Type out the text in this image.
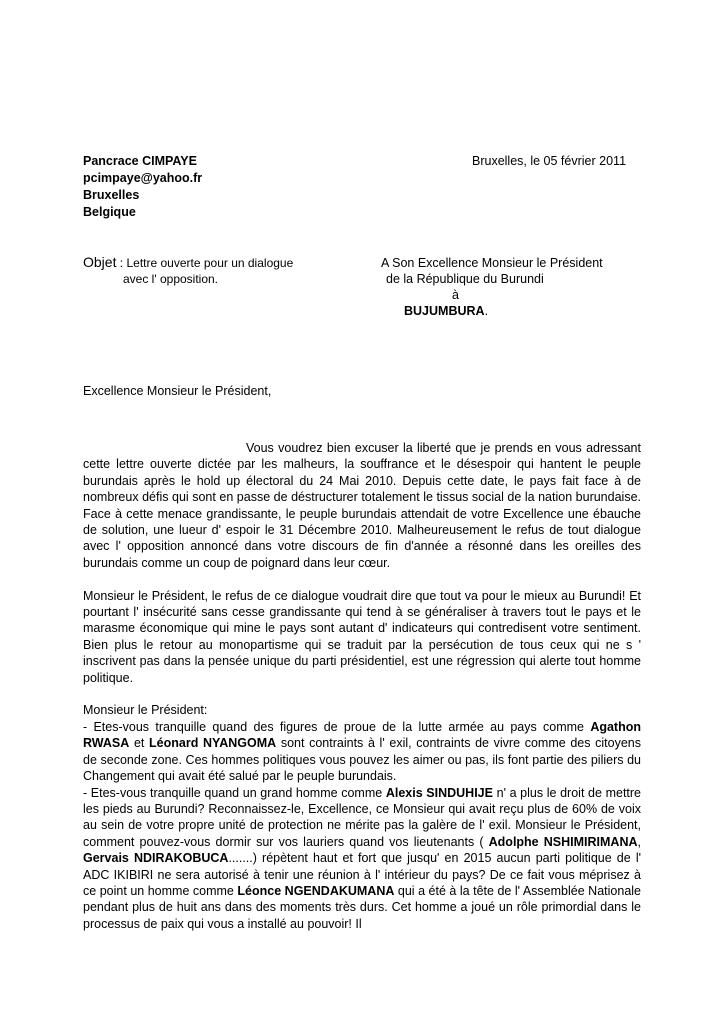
Pancrace CIMPAYE
pcimpaye@yahoo.fr
Bruxelles
Belgique
Bruxelles, le 05 février 2011
Objet : Lettre ouverte pour un dialogue
avec l' opposition.
A Son Excellence Monsieur le Président
de la République du Burundi
à
BUJUMBURA.
Excellence Monsieur le Président,

Vous voudrez bien excuser la liberté que je prends en vous adressant cette lettre ouverte dictée par les malheurs, la souffrance et le désespoir qui hantent le peuple burundais après le hold up électoral du 24 Mai 2010. Depuis cette date, le pays fait face à de nombreux défis qui sont en passe de déstructurer totalement le tissus social de la nation burundaise. Face à cette menace grandissante, le peuple burundais attendait de votre Excellence une ébauche de solution, une lueur d' espoir le 31 Décembre 2010. Malheureusement le refus de tout dialogue avec l' opposition annoncé dans votre discours de fin d'année a résonné dans les oreilles des burundais comme un coup de poignard dans leur cœur.

Monsieur le Président, le refus de ce dialogue voudrait dire que tout va pour le mieux au Burundi! Et pourtant l' insécurité sans cesse grandissante qui tend à se généraliser à travers tout le pays et le marasme économique qui mine le pays sont autant d' indicateurs qui contredisent votre sentiment. Bien plus le retour au monopartisme qui se traduit par la persécution de tous ceux qui ne s ' inscrivent pas dans la pensée unique du parti présidentiel, est une régression qui alerte tout homme politique.

Monsieur le Président:

- Etes-vous tranquille quand des figures de proue de la lutte armée au pays comme Agathon RWASA et Léonard NYANGOMA sont contraints à l' exil, contraints de vivre comme des citoyens de seconde zone. Ces hommes politiques vous pouvez les aimer ou pas, ils font partie des piliers du Changement qui avait été salué par le peuple burundais.

- Etes-vous tranquille quand un grand homme comme Alexis SINDUHIJE n' a plus le droit de mettre les pieds au Burundi? Reconnaissez-le, Excellence, ce Monsieur qui avait reçu plus de 60% de voix au sein de votre propre unité de protection ne mérite pas la galère de l' exil. Monsieur le Président, comment pouvez-vous dormir sur vos lauriers quand vos lieutenants ( Adolphe NSHIMIRIMANA, Gervais NDIRAKOBUCA.......) répètent haut et fort que jusqu' en 2015 aucun parti politique de l' ADC IKIBIRI ne sera autorisé à tenir une réunion à l' intérieur du pays? De ce fait vous méprisez à ce point un homme comme Léonce NGENDAKUMANA qui a été à la tête de l' Assemblée Nationale pendant plus de huit ans dans des moments très durs. Cet homme a joué un rôle primordial dans le processus de paix qui vous a installé au pouvoir! Il
